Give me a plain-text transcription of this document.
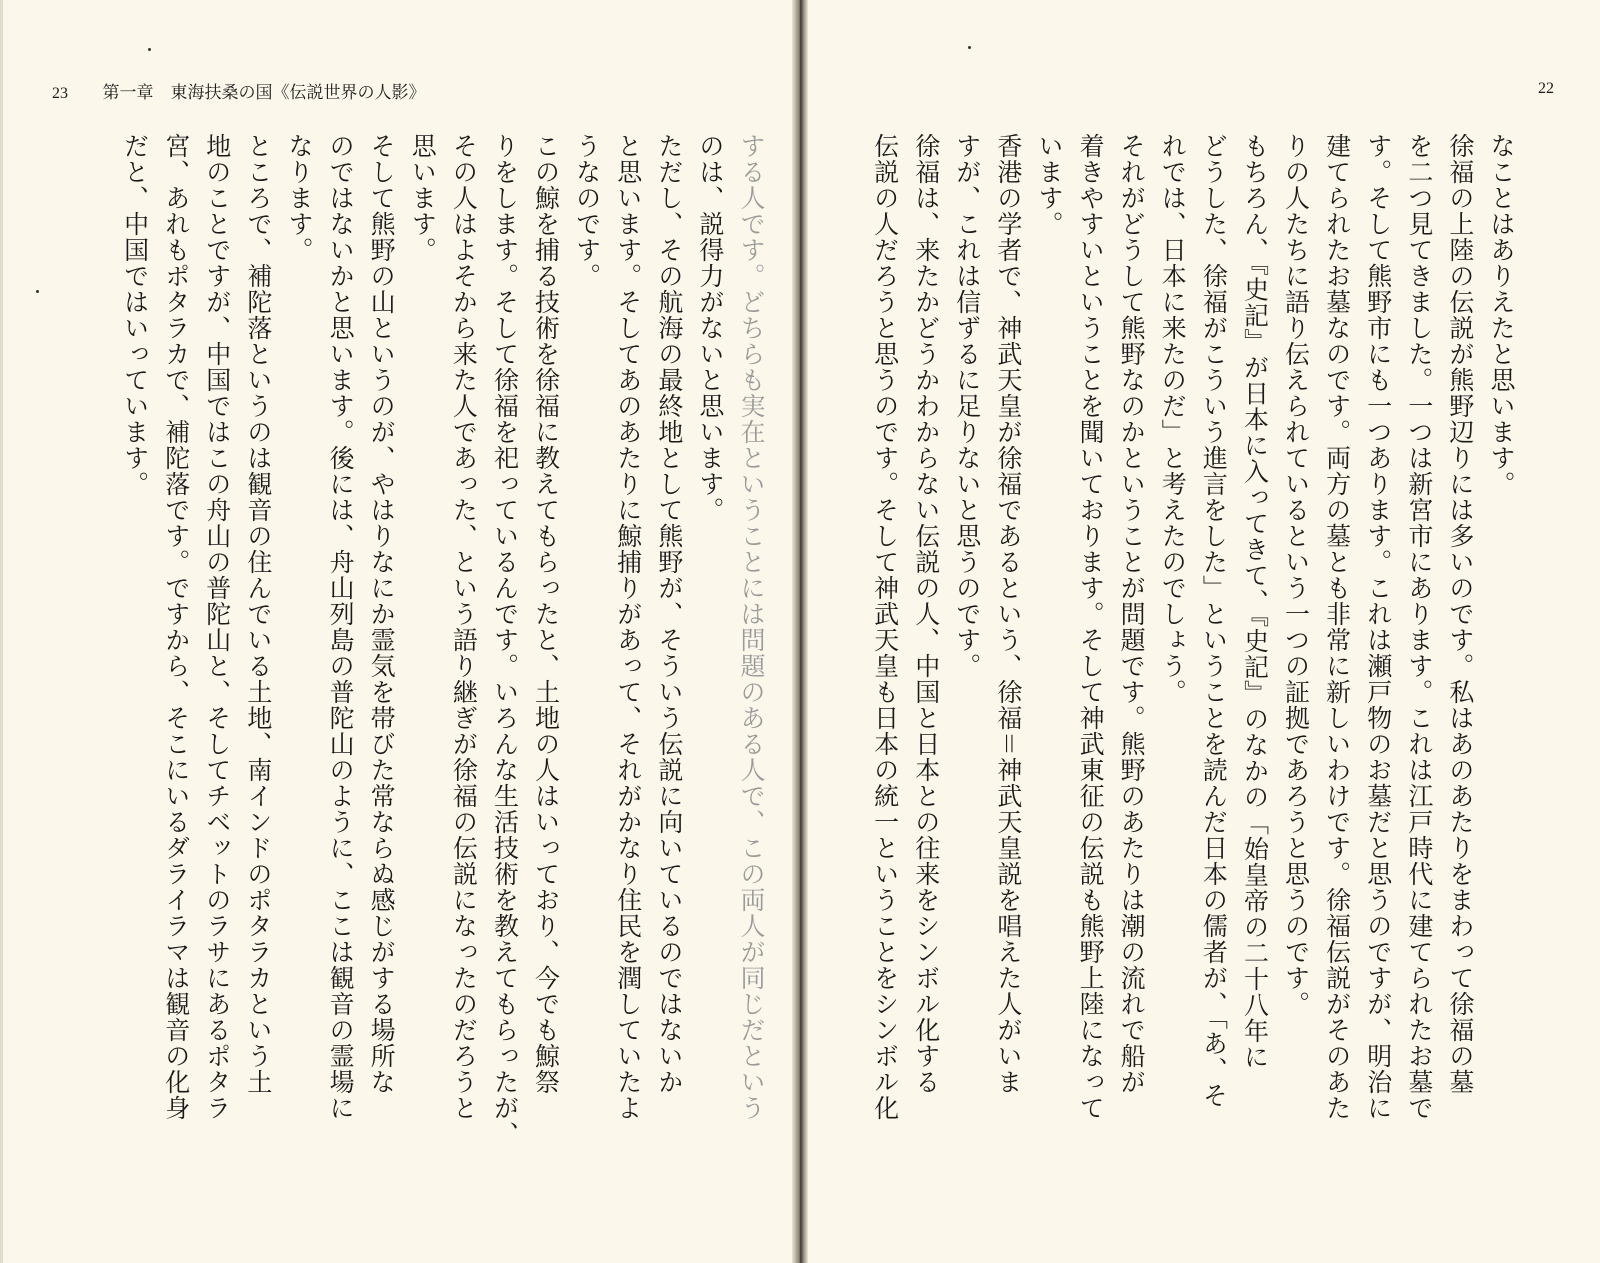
23 第一章　東海扶桑の国《伝説世界の人影》
する人です。どちらも実在ということには問題のある人で、この両人が同じだという
のは、説得力がないと思います。
ただし、その航海の最終地として熊野が、そういう伝説に向いているのではないか
と思います。そしてあのあたりに鯨捕りがあって、それがかなり住民を潤していたよ
うなのです。
この鯨を捕る技術を徐福に教えてもらったと、土地の人はいっており、今でも鯨祭
りをします。そして徐福を祀っているんです。いろんな生活技術を教えてもらったが、
その人はよそから来た人であった、という語り継ぎが徐福の伝説になったのだろうと
思います。
そして熊野の山というのが、やはりなにか霊気を帯びた常ならぬ感じがする場所な
のではないかと思います。後には、舟山列島の普陀山のように、ここは観音の霊場に
なります。
ところで、補陀落というのは観音の住んでいる土地、南インドのポタラカという土
地のことですが、中国ではこの舟山の普陀山と、そしてチベットのラサにあるポタラ
宮、あれもポタラカで、補陀落です。ですから、そこにいるダライラマは観音の化身
だと、中国ではいっています。
22
なことはありえたと思います。
徐福の上陸の伝説が熊野辺りには多いのです。私はあのあたりをまわって徐福の墓
を二つ見てきました。一つは新宮市にあります。これは江戸時代に建てられたお墓で
す。そして熊野市にも一つあります。これは瀬戸物のお墓だと思うのですが、明治に
建てられたお墓なのです。両方の墓とも非常に新しいわけです。徐福伝説がそのあた
りの人たちに語り伝えられているという一つの証拠であろうと思うのです。
もちろん、『史記』が日本に入ってきて、『史記』のなかの「始皇帝の二十八年に
どうした、徐福がこういう進言をした」ということを読んだ日本の儒者が、「あ、そ
れでは、日本に来たのだ」と考えたのでしょう。
それがどうして熊野なのかということが問題です。熊野のあたりは潮の流れで船が
着きやすいということを聞いております。そして神武東征の伝説も熊野上陸になって
います。
香港の学者で、神武天皇が徐福であるという、徐福＝神武天皇説を唱えた人がいま
すが、これは信ずるに足りないと思うのです。
徐福は、来たかどうかわからない伝説の人、中国と日本との往来をシンボル化する
伝説の人だろうと思うのです。そして神武天皇も日本の統一ということをシンボル化
